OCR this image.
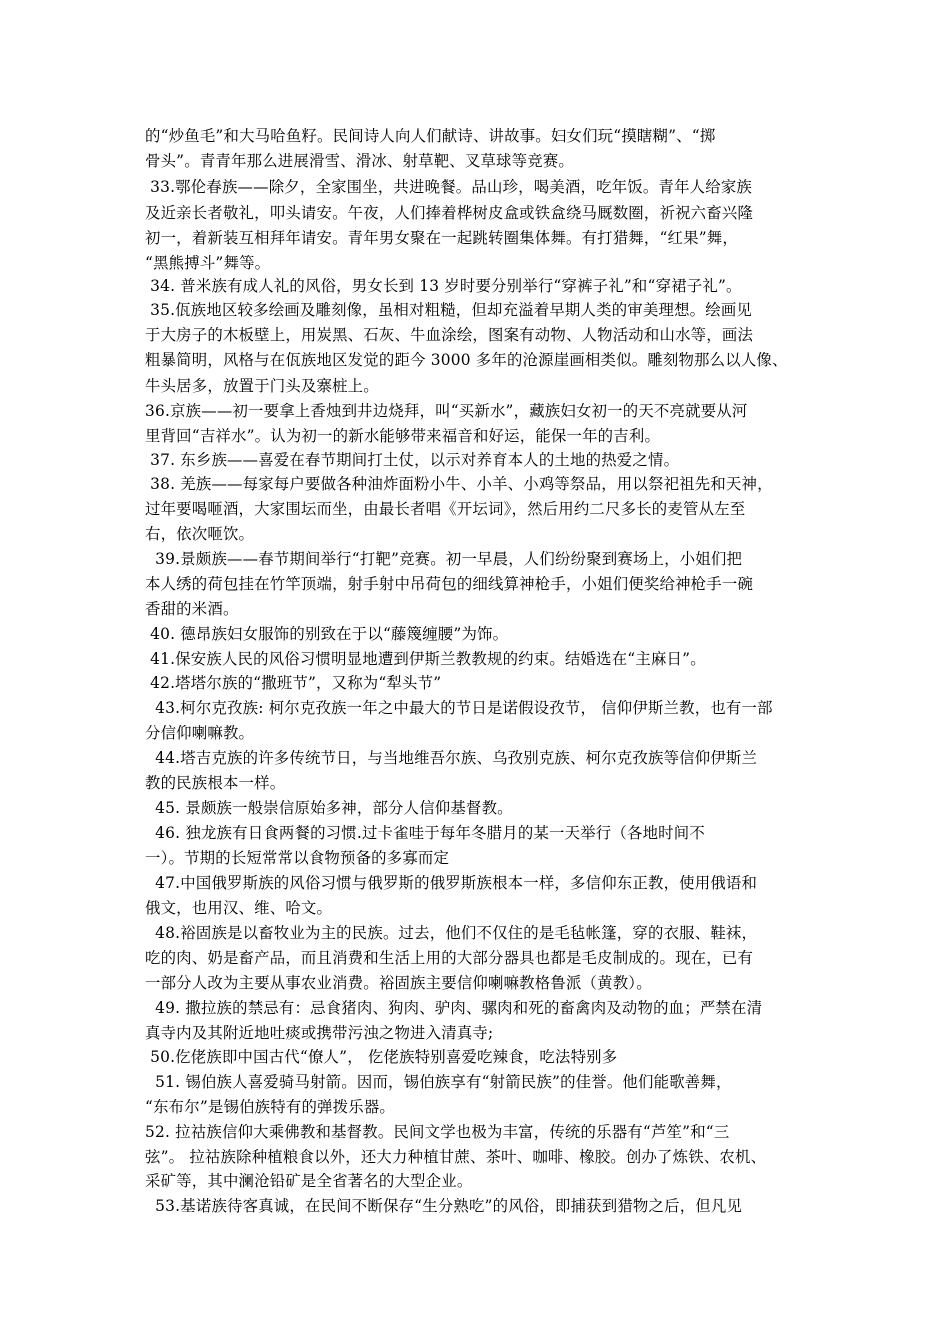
的“炒鱼毛”和大马哈鱼籽。民间诗人向人们献诗、讲故事。妇女们玩“摸瞎糊”、“掷
骨头”。青青年那么进展滑雪、滑冰、射草靶、叉草球等竞赛。
33.鄂伦春族——除夕，全家围坐，共进晚餐。品山珍，喝美酒，吃年饭。青年人给家族
及近亲长者敬礼，叩头请安。午夜，人们捧着桦树皮盒或铁盒绕马厩数圈，祈祝六畜兴隆
初一，着新装互相拜年请安。青年男女聚在一起跳转圈集体舞。有打猎舞，“红果”舞，
“黑熊搏斗”舞等。
34. 普米族有成人礼的风俗，男女长到 13 岁时要分别举行“穿裤子礼”和“穿裙子礼”。
35.佤族地区较多绘画及雕刻像，虽相对粗糙，但却充溢着早期人类的审美理想。绘画见
于大房子的木板壁上，用炭黑、石灰、牛血涂绘，图案有动物、人物活动和山水等，画法
粗暴简明，风格与在佤族地区发觉的距今 3000 多年的沧源崖画相类似。雕刻物那么以人像、
牛头居多，放置于门头及寨桩上。
36.京族——初一要拿上香烛到井边烧拜，叫“买新水”，藏族妇女初一的天不亮就要从河
里背回“吉祥水”。认为初一的新水能够带来福音和好运，能保一年的吉利。
37. 东乡族——喜爱在春节期间打土仗，以示对养育本人的土地的热爱之情。
38. 羌族——每家每户要做各种油炸面粉小牛、小羊、小鸡等祭品，用以祭祀祖先和天神，
过年要喝咂酒，大家围坛而坐，由最长者唱《开坛词》，然后用约二尺多长的麦管从左至
右，依次咂饮。
39.景颇族——春节期间举行“打靶”竞赛。初一早晨，人们纷纷聚到赛场上，小姐们把
本人绣的荷包挂在竹竿顶端，射手射中吊荷包的细线算神枪手，小姐们便奖给神枪手一碗
香甜的米酒。
40. 德昂族妇女服饰的别致在于以“藤篾缠腰”为饰。
41.保安族人民的风俗习惯明显地遭到伊斯兰教教规的约束。结婚选在“主麻日”。
42.塔塔尔族的“撒班节”，又称为“犁头节”
43.柯尔克孜族: 柯尔克孜族一年之中最大的节日是诺假设孜节， 信仰伊斯兰教，也有一部
分信仰喇嘛教。
44.塔吉克族的许多传统节日，与当地维吾尔族、乌孜别克族、柯尔克孜族等信仰伊斯兰
教的民族根本一样。
45. 景颇族一般崇信原始多神，部分人信仰基督教。
46. 独龙族有日食两餐的习惯.过卡雀哇于每年冬腊月的某一天举行（各地时间不
一）。节期的长短常常以食物预备的多寡而定
47.中国俄罗斯族的风俗习惯与俄罗斯的俄罗斯族根本一样，多信仰东正教，使用俄语和
俄文，也用汉、维、哈文。
48.裕固族是以畜牧业为主的民族。过去，他们不仅住的是毛毡帐篷，穿的衣服、鞋袜，
吃的肉、奶是畜产品，而且消费和生活上用的大部分器具也都是毛皮制成的。现在，已有
一部分人改为主要从事农业消费。裕固族主要信仰喇嘛教格鲁派（黄教）。
49. 撒拉族的禁忌有：忌食猪肉、狗肉、驴肉、骡肉和死的畜禽肉及动物的血；严禁在清
真寺内及其附近地吐痰或携带污浊之物进入清真寺;
50.仡佬族即中国古代“僚人”， 仡佬族特别喜爱吃辣食，吃法特别多
51. 锡伯族人喜爱骑马射箭。因而，锡伯族享有“射箭民族”的佳誉。他们能歌善舞，
“东布尔”是锡伯族特有的弹拨乐器。
52. 拉祜族信仰大乘佛教和基督教。民间文学也极为丰富，传统的乐器有“芦笙”和“三
弦”。 拉祜族除种植粮食以外，还大力种植甘蔗、茶叶、咖啡、橡胶。创办了炼铁、农机、
采矿等，其中澜沧铅矿是全省著名的大型企业。
53.基诺族待客真诚，在民间不断保存“生分熟吃”的风俗，即捕获到猎物之后，但凡见
